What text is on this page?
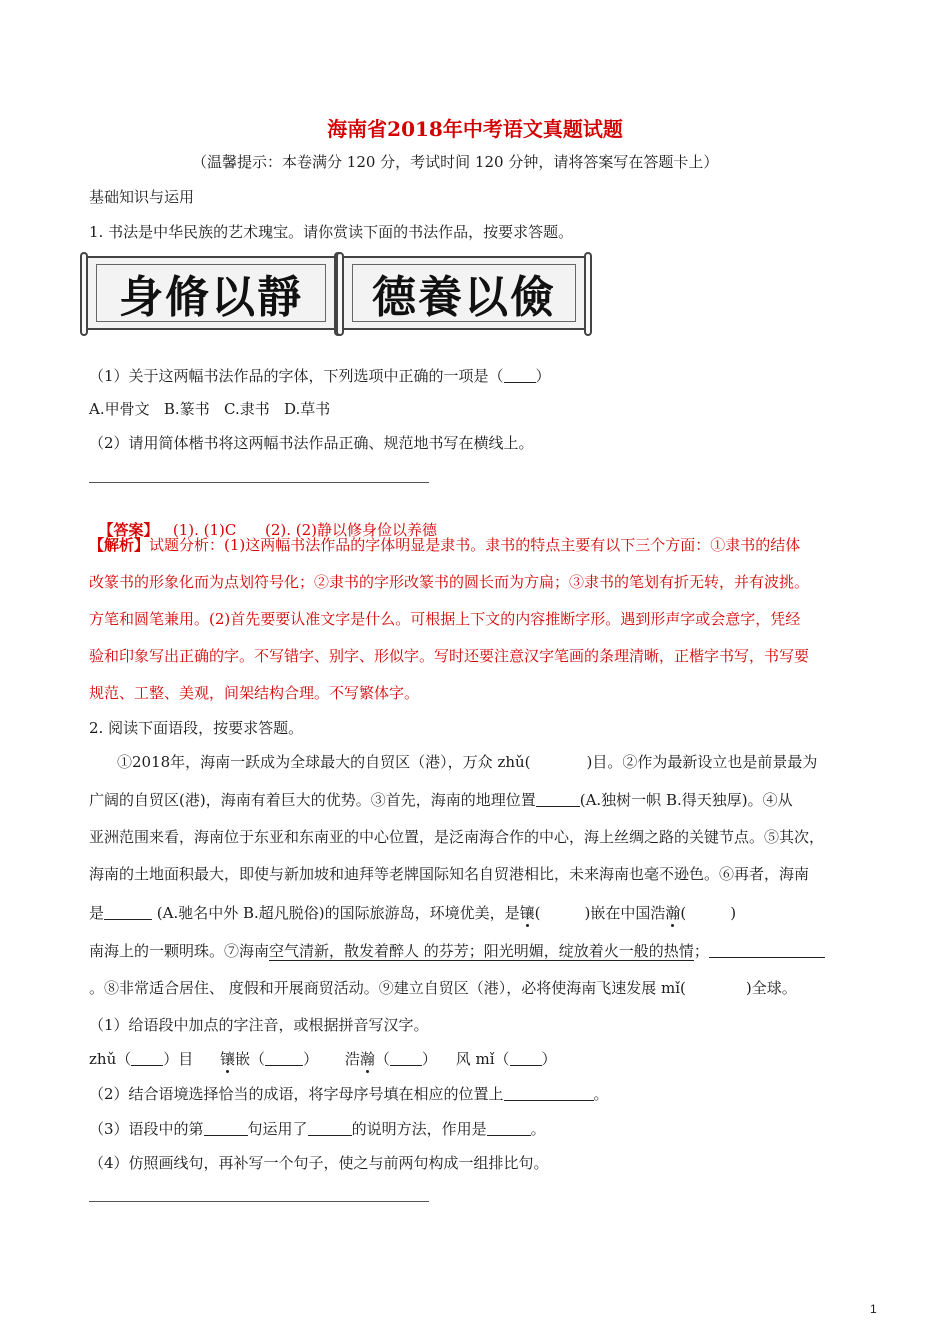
海南省2018年中考语文真题试题
（温馨提示：本卷满分 120 分，考试时间 120 分钟，请将答案写在答题卡上）
基础知识与运用
1. 书法是中华民族的艺术瑰宝。请你赏读下面的书法作品，按要求答题。
身脩以靜 德養以儉
（1）关于这两幅书法作品的字体，下列选项中正确的一项是（ ）
A.甲骨文   B.篆书   C.隶书   D.草书
（2）请用简体楷书将这两幅书法作品正确、规范地书写在横线上。

【答案】   (1). (1)C      (2). (2)静以修身俭以养德

【解析】试题分析：(1)这两幅书法作品的字体明显是隶书。隶书的特点主要有以下三个方面：①隶书的结体
改篆书的形象化而为点划符号化；②隶书的字形改篆书的圆长而为方扁；③隶书的笔划有折无转，并有波挑。
方笔和圆笔兼用。(2)首先要要认准文字是什么。可根据上下文的内容推断字形。遇到形声字或会意字，凭经
验和印象写出正确的字。不写错字、别字、形似字。写时还要注意汉字笔画的条理清晰，正楷字书写，书写要
规范、工整、美观，间架结构合理。不写繁体字。
2. 阅读下面语段，按要求答题。
①2018年，海南一跃成为全球最大的自贸区（港），万众 zhǔ(	)目。②作为最新设立也是前景最为
广阔的自贸区(港)，海南有着巨大的优势。③首先，海南的地理位置	(A.独树一帜 B.得天独厚)。④从
亚洲范围来看，海南位于东亚和东南亚的中心位置，是泛南海合作的中心，海上丝绸之路的关键节点。⑤其次，
海南的土地面积最大，即使与新加坡和迪拜等老牌国际知名自贸港相比，未来海南也毫不逊色。⑥再者，海南
是	(A.驰名中外 B.超凡脱俗)的国际旅游岛，环境优美，是镶(	)嵌在中国浩瀚(	)
南海上的一颗明珠。⑦海南空气清新，散发着醉人 的芬芳；阳光明媚，绽放着火一般的热情；
。⑧非常适合居住、 度假和开展商贸活动。⑨建立自贸区（港），必将使海南飞速发展 mǐ(	)全球。
（1）给语段中加点的字注音，或根据拼音写汉字。
zhǔ（ ）目 镶嵌（	） 浩瀚（ ） 风 mǐ（ ）
（2）结合语境选择恰当的成语，将字母序号填在相应的位置上	。
（3）语段中的第	句运用了	的说明方法，作用是	。
（4）仿照画线句，再补写一个句子，使之与前两句构成一组排比句。
1
